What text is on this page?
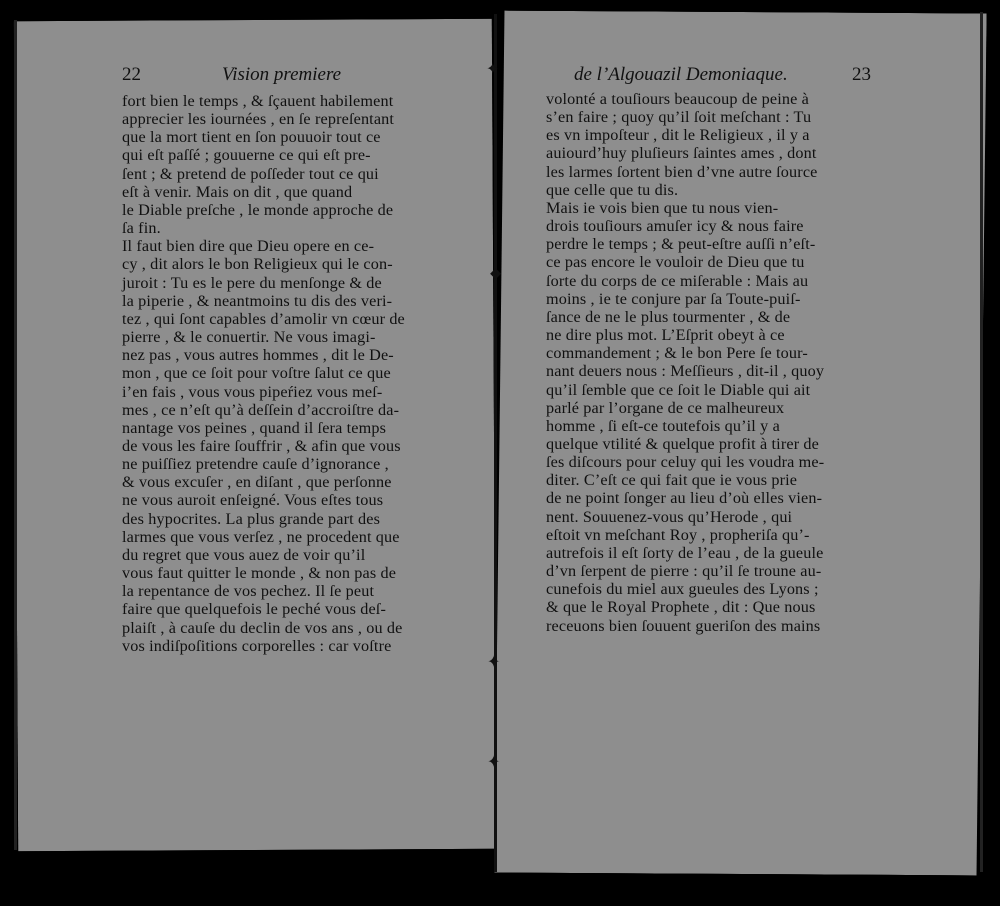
✦
⬥
✦
✦
22	Vision premiere	de l’Algouazil Demoniaque.	23
fort bien le temps , & ſçauent habilement
apprecier les iournées , en ſe repreſentant
que la mort tient en ſon pouuoir tout ce
qui eſt paſſé ; gouuerne ce qui eſt pre-
ſent ; & pretend de poſſeder tout ce qui
eſt à venir. Mais on dit , que quand
le Diable preſche , le monde approche de
ſa fin.
Il faut bien dire que Dieu opere en ce-
cy , dit alors le bon Religieux qui le con-
juroit : Tu es le pere du menſonge & de
la piperie , & neantmoins tu dis des veri-
tez , qui ſont capables d’amolir vn cœur de
pierre , & le conuertir. Ne vous imagi-
nez pas , vous autres hommes , dit le De-
mon , que ce ſoit pour voſtre ſalut ce que
i’en fais , vous vous pipeŕiez vous meſ-
mes , ce n’eſt qu’à deſſein d’accroiſtre da-
nantage vos peines , quand il ſera temps
de vous les faire ſouffrir , & afin que vous
ne puiſſiez pretendre cauſe d’ignorance ,
& vous excuſer , en diſant , que perſonne
ne vous auroit enſeigné. Vous eſtes tous
des hypocrites. La plus grande part des
larmes que vous verſez , ne procedent que
du regret que vous auez de voir qu’il
vous faut quitter le monde , & non pas de
la repentance de vos pechez. Il ſe peut
faire que quelquefois le peché vous deſ-
plaiſt , à cauſe du declin de vos ans , ou de
vos indiſpoſitions corporelles : car voſtre
volonté a touſiours beaucoup de peine à
s’en faire ; quoy qu’il ſoit meſchant : Tu
es vn impoſteur , dit le Religieux , il y a
auiourd’huy pluſieurs ſaintes ames , dont
les larmes ſortent bien d’vne autre ſource
que celle que tu dis.
Mais ie vois bien que tu nous vien-
drois touſiours amuſer icy & nous faire
perdre le temps ; & peut-eſtre auſſi n’eſt-
ce pas encore le vouloir de Dieu que tu
ſorte du corps de ce miſerable : Mais au
moins , ie te conjure par ſa Toute-puiſ-
ſance de ne le plus tourmenter , & de
ne dire plus mot. L’Eſprit obeyt à ce
commandement ; & le bon Pere ſe tour-
nant deuers nous : Meſſieurs , dit-il , quoy
qu’il ſemble que ce ſoit le Diable qui ait
parlé par l’organe de ce malheureux
homme , ſi eſt-ce toutefois qu’il y a
quelque vtilité & quelque profit à tirer de
ſes diſcours pour celuy qui les voudra me-
diter. C’eſt ce qui fait que ie vous prie
de ne point ſonger au lieu d’où elles vien-
nent. Souuenez-vous qu’Herode , qui
eſtoit vn meſchant Roy , propheriſa qu’-
autrefois il eſt ſorty de l’eau , de la gueule
d’vn ſerpent de pierre : qu’il ſe troune au-
cunefois du miel aux gueules des Lyons ;
& que le Royal Prophete , dit : Que nous
receuons bien ſouuent gueriſon des mains
